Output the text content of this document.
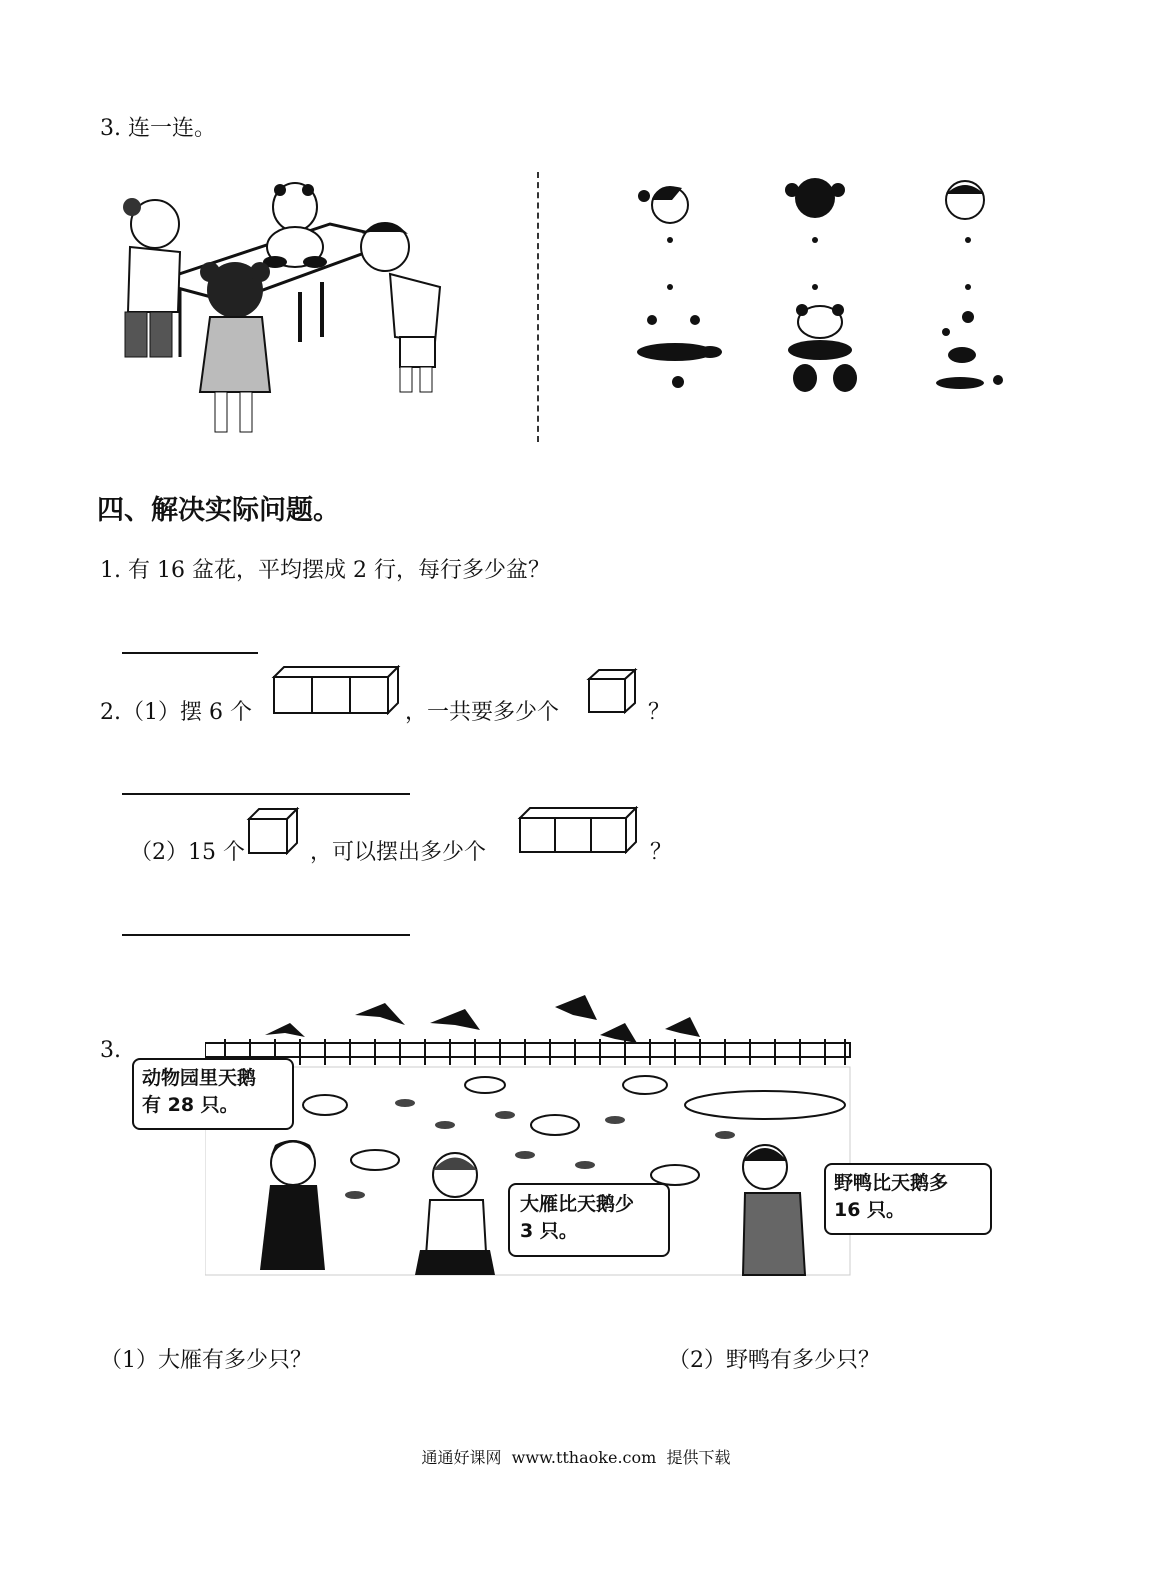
3. 连一连。
四、解决实际问题。
1. 有 16 盆花，平均摆成 2 行，每行多少盆？
2. （1）摆 6 个	，一共要多少个	？
（2）15 个	，可以摆出多少个	？
3.
动物园里天鹅
有 28 只。
大雁比天鹅少
3 只。
野鸭比天鹅多
16 只。
（1）大雁有多少只？	（2）野鸭有多少只？
通通好课网  www.tthaoke.com  提供下载
